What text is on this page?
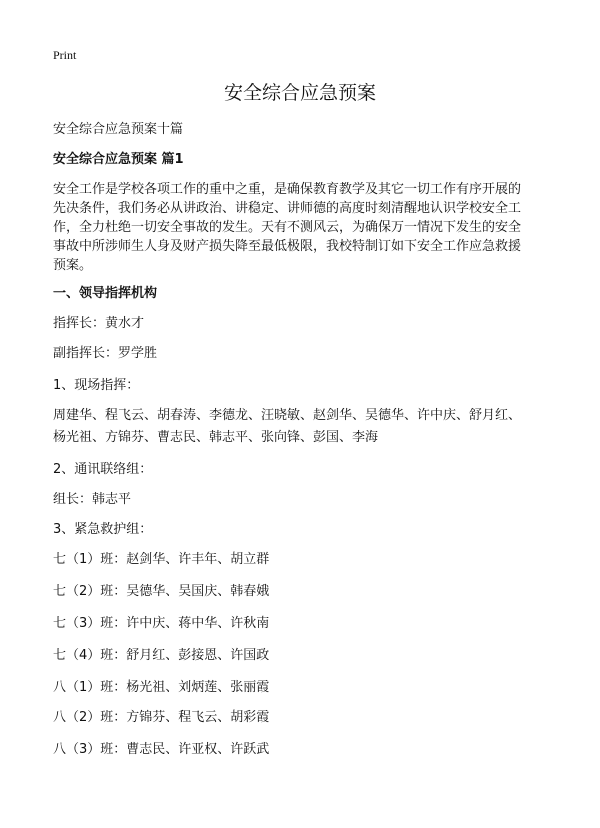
Print
安全综合应急预案
安全综合应急预案十篇
安全综合应急预案 篇1

安全工作是学校各项工作的重中之重，是确保教育教学及其它一切工作有序开展的
先决条件，我们务必从讲政治、讲稳定、讲师德的高度时刻清醒地认识学校安全工
作，全力杜绝一切安全事故的发生。天有不测风云，为确保万一情况下发生的安全
事故中所涉师生人身及财产损失降至最低极限，我校特制订如下安全工作应急救援
预案。

一、领导指挥机构
指挥长：黄水才
副指挥长：罗学胜
1、现场指挥：
周建华、程飞云、胡春涛、李德龙、汪晓敏、赵剑华、吴德华、许中庆、舒月红、
杨光祖、方锦芬、曹志民、韩志平、张向锋、彭国、李海
2、通讯联络组：
组长：韩志平
3、紧急救护组：
七（1）班：赵剑华、许丰年、胡立群
七（2）班：吴德华、吴国庆、韩春娥
七（3）班：许中庆、蒋中华、许秋南
七（4）班：舒月红、彭接恩、许国政
八（1）班：杨光祖、刘炳莲、张丽霞
八（2）班：方锦芬、程飞云、胡彩霞
八（3）班：曹志民、许亚权、许跃武
